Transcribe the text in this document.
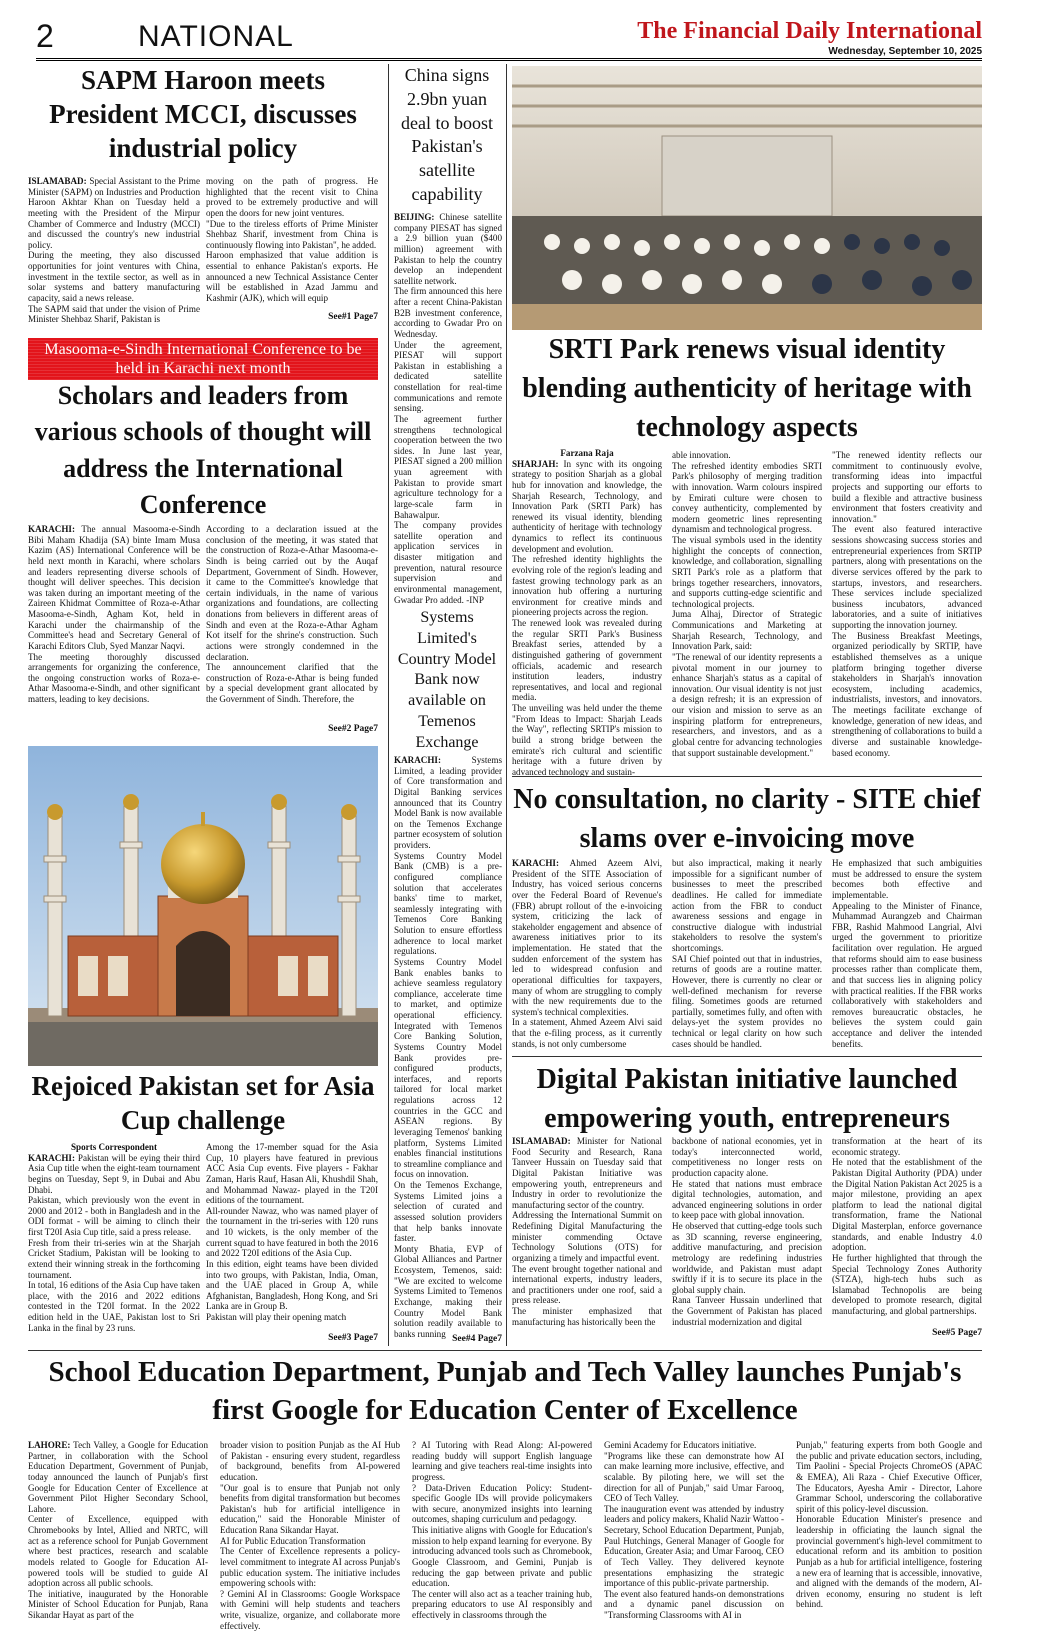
2	NATIONAL	The Financial Daily International
Wednesday, September 10, 2025
SAPM Haroon meets President MCCI, discusses industrial policy
ISLAMABAD: Special Assistant to the Prime Minister (SAPM) on Industries and Production Haroon Akhtar Khan on Tuesday held a meeting with the President of the Mirpur Chamber of Commerce and Industry (MCCI) and discussed the country's new industrial policy.
During the meeting, they also discussed opportunities for joint ventures with China, investment in the textile sector, as well as in solar systems and battery manufacturing capacity, said a news release.
The SAPM said that under the vision of Prime Minister Shehbaz Sharif, Pakistan is
moving on the path of progress. He highlighted that the recent visit to China proved to be extremely productive and will open the doors for new joint ventures.
"Due to the tireless efforts of Prime Minister Shehbaz Sharif, investment from China is continuously flowing into Pakistan", he added.
Haroon emphasized that value addition is essential to enhance Pakistan's exports. He announced a new Technical Assistance Center will be established in Azad Jammu and Kashmir (AJK), which will equip
See#1 Page7
Masooma-e-Sindh International Conference to be held in Karachi next month
Scholars and leaders from various schools of thought will address the International Conference
KARACHI: The annual Masooma-e-Sindh Bibi Maham Khadija (SA) binte Imam Musa Kazim (AS) International Conference will be held next month in Karachi, where scholars and leaders representing diverse schools of thought will deliver speeches. This decision was taken during an important meeting of the Zaireen Khidmat Committee of Roza-e-Athar Masooma-e-Sindh, Agham Kot, held in Karachi under the chairmanship of the Committee's head and Secretary General of Karachi Editors Club, Syed Manzar Naqvi.
The meeting thoroughly discussed arrangements for organizing the conference, the ongoing construction works of Roza-e-Athar Masooma-e-Sindh, and other significant matters, leading to key decisions.
According to a declaration issued at the conclusion of the meeting, it was stated that the construction of Roza-e-Athar Masooma-e-Sindh is being carried out by the Auqaf Department, Government of Sindh. However, it came to the Committee's knowledge that certain individuals, in the name of various organizations and foundations, are collecting donations from believers in different areas of Sindh and even at the Roza-e-Athar Agham Kot itself for the shrine's construction. Such actions were strongly condemned in the declaration.
The announcement clarified that the construction of Roza-e-Athar is being funded by a special development grant allocated by the Government of Sindh. Therefore, the
See#2 Page7
Rejoiced Pakistan set for Asia Cup challenge
Sports Correspondent
KARACHI: Pakistan will be eying their third Asia Cup title when the eight-team tournament begins on Tuesday, Sept 9, in Dubai and Abu Dhabi.
Pakistan, which previously won the event in 2000 and 2012 - both in Bangladesh and in the ODI format - will be aiming to clinch their first T20I Asia Cup title, said a press release.
Fresh from their tri-series win at the Sharjah Cricket Stadium, Pakistan will be looking to extend their winning streak in the forthcoming tournament.
In total, 16 editions of the Asia Cup have taken place, with the 2016 and 2022 editions contested in the T20I format. In the 2022 edition held in the UAE, Pakistan lost to Sri Lanka in the final by 23 runs.
Among the 17-member squad for the Asia Cup, 10 players have featured in previous ACC Asia Cup events. Five players - Fakhar Zaman, Haris Rauf, Hasan Ali, Khushdil Shah, and Mohammad Nawaz- played in the T20I editions of the tournament.
All-rounder Nawaz, who was named player of the tournament in the tri-series with 120 runs and 10 wickets, is the only member of the current squad to have featured in both the 2016 and 2022 T20I editions of the Asia Cup.
In this edition, eight teams have been divided into two groups, with Pakistan, India, Oman, and the UAE placed in Group A, while Afghanistan, Bangladesh, Hong Kong, and Sri Lanka are in Group B.
Pakistan will play their opening match
See#3 Page7
China signs 2.9bn yuan deal to boost Pakistan's satellite capability
BEIJING: Chinese satellite company PIESAT has signed a 2.9 billion yuan ($400 million) agreement with Pakistan to help the country develop an independent satellite network.
The firm announced this here after a recent China-Pakistan B2B investment conference, according to Gwadar Pro on Wednesday.
Under the agreement, PIESAT will support Pakistan in establishing a dedicated satellite constellation for real-time communications and remote sensing.
The agreement further strengthens technological cooperation between the two sides. In June last year, PIESAT signed a 200 million yuan agreement with Pakistan to provide smart agriculture technology for a large-scale farm in Bahawalpur.
The company provides satellite operation and application services in disaster mitigation and prevention, natural resource supervision and environmental management, Gwadar Pro added. -INP
Systems Limited's Country Model Bank now available on Temenos Exchange
KARACHI:	Systems Limited, a leading provider of Core transformation and Digital Banking services announced that its Country Model Bank is now available on the Temenos Exchange partner ecosystem of solution providers.
Systems Country Model Bank (CMB) is a pre-configured compliance solution that accelerates banks' time to market, seamlessly integrating with Temenos Core Banking Solution to ensure effortless adherence to local market regulations.
Systems Country Model Bank enables banks to achieve seamless regulatory compliance, accelerate time to market, and optimize operational efficiency. Integrated with Temenos Core Banking Solution, Systems Country Model Bank provides pre-configured products, interfaces, and reports tailored for local market regulations across 12 countries in the GCC and ASEAN regions. By leveraging Temenos' banking platform, Systems Limited enables financial institutions to streamline compliance and focus on innovation.
On the Temenos Exchange, Systems Limited joins a selection of curated and assessed solution providers that help banks innovate faster.
Monty Bhatia, EVP of Global Alliances and Partner Ecosystem, Temenos, said: "We are excited to welcome Systems Limited to Temenos Exchange, making their Country Model Bank solution readily available to banks running
See#4 Page7
SRTI Park renews visual identity blending authenticity of heritage with technology aspects
Farzana Raja
SHARJAH: In sync with its ongoing strategy to position Sharjah as a global hub for innovation and knowledge, the Sharjah Research, Technology, and Innovation Park (SRTI Park) has renewed its visual identity, blending authenticity of heritage with technology dynamics to reflect its continuous development and evolution.
The refreshed identity highlights the evolving role of the region's leading and fastest growing technology park as an innovation hub offering a nurturing environment for creative minds and pioneering projects across the region.
The renewed look was revealed during the regular SRTI Park's Business Breakfast series, attended by a distinguished gathering of government officials, academic and research institution leaders, industry representatives, and local and regional media.
The unveiling was held under the theme "From Ideas to Impact: Sharjah Leads the Way", reflecting SRTIP's mission to build a strong bridge between the emirate's rich cultural and scientific heritage with a future driven by advanced technology and sustain-
able innovation.
The refreshed identity embodies SRTI Park's philosophy of merging tradition with innovation. Warm colours inspired by Emirati culture were chosen to convey authenticity, complemented by modern geometric lines representing dynamism and technological progress.
The visual symbols used in the identity highlight the concepts of connection, knowledge, and collaboration, signalling SRTI Park's role as a platform that brings together researchers, innovators, and supports cutting-edge scientific and technological projects.
Juma Alhaj, Director of Strategic Communications and Marketing at Sharjah Research, Technology, and Innovation Park, said:
"The renewal of our identity represents a pivotal moment in our journey to enhance Sharjah's status as a capital of innovation. Our visual identity is not just a design refresh; it is an expression of our vision and mission to serve as an inspiring platform for entrepreneurs, researchers, and investors, and as a global centre for advancing technologies that support sustainable development."
"The renewed identity reflects our commitment to continuously evolve, transforming ideas into impactful projects and supporting our efforts to build a flexible and attractive business environment that fosters creativity and innovation."
The event also featured interactive sessions showcasing success stories and entrepreneurial experiences from SRTIP partners, along with presentations on the diverse services offered by the park to startups, investors, and researchers. These services include specialized business incubators, advanced laboratories, and a suite of initiatives supporting the innovation journey.
The Business Breakfast Meetings, organized periodically by SRTIP, have established themselves as a unique platform bringing together diverse stakeholders in Sharjah's innovation ecosystem, including academics, industrialists, investors, and innovators. The meetings facilitate exchange of knowledge, generation of new ideas, and strengthening of collaborations to build a diverse and sustainable knowledge-based economy.
No consultation, no clarity - SITE chief slams over e-invoicing move
KARACHI: Ahmed Azeem Alvi, President of the SITE Association of Industry, has voiced serious concerns over the Federal Board of Revenue's (FBR) abrupt rollout of the e-invoicing system, criticizing the lack of stakeholder engagement and absence of awareness initiatives prior to its implementation. He stated that the sudden enforcement of the system has led to widespread confusion and operational difficulties for taxpayers, many of whom are struggling to comply with the new requirements due to the system's technical complexities.
In a statement, Ahmed Azeem Alvi said that the e-filing process, as it currently stands, is not only cumbersome
but also impractical, making it nearly impossible for a significant number of businesses to meet the prescribed deadlines. He called for immediate action from the FBR to conduct awareness sessions and engage in constructive dialogue with industrial stakeholders to resolve the system's shortcomings.
SAI Chief pointed out that in industries, returns of goods are a routine matter. However, there is currently no clear or well-defined mechanism for reverse filing. Sometimes goods are returned partially, sometimes fully, and often with delays-yet the system provides no technical or legal clarity on how such cases should be handled.
He emphasized that such ambiguities must be addressed to ensure the system becomes both effective and implementable.
Appealing to the Minister of Finance, Muhammad Aurangzeb and Chairman FBR, Rashid Mahmood Langrial, Alvi urged the government to prioritize facilitation over regulation. He argued that reforms should aim to ease business processes rather than complicate them, and that success lies in aligning policy with practical realities. If the FBR works collaboratively with stakeholders and removes bureaucratic obstacles, he believes the system could gain acceptance and deliver the intended benefits.
Digital Pakistan initiative launched empowering youth, entrepreneurs
ISLAMABAD: Minister for National Food Security and Research, Rana Tanveer Hussain on Tuesday said that Digital Pakistan Initiative was empowering youth, entrepreneurs and Industry in order to revolutionize the manufacturing sector of the country.
Addressing the International Summit on Redefining Digital Manufacturing the minister commending Octave Technology Solutions (OTS) for organizing a timely and impactful event.
The event brought together national and international experts, industry leaders, and practitioners under one roof, said a press release.
The minister emphasized that manufacturing has historically been the
backbone of national economies, yet in today's interconnected world, competitiveness no longer rests on production capacity alone.
He stated that nations must embrace digital technologies, automation, and advanced engineering solutions in order to keep pace with global innovation.
He observed that cutting-edge tools such as 3D scanning, reverse engineering, additive manufacturing, and precision metrology are redefining industries worldwide, and Pakistan must adapt swiftly if it is to secure its place in the global supply chain.
Rana Tanveer Hussain underlined that the Government of Pakistan has placed industrial modernization and digital
transformation at the heart of its economic strategy.
He noted that the establishment of the Pakistan Digital Authority (PDA) under the Digital Nation Pakistan Act 2025 is a major milestone, providing an apex platform to lead the national digital transformation, frame the National Digital Masterplan, enforce governance standards, and enable Industry 4.0 adoption.
He further highlighted that through the Special Technology Zones Authority (STZA), high-tech hubs such as Islamabad Technopolis are being developed to promote research, digital manufacturing, and global partnerships.
See#5 Page7
School Education Department, Punjab and Tech Valley launches Punjab's first Google for Education Center of Excellence
LAHORE: Tech Valley, a Google for Education Partner, in collaboration with the School Education Department, Government of Punjab, today announced the launch of Punjab's first Google for Education Center of Excellence at Government Pilot Higher Secondary School, Lahore.
Center of Excellence, equipped with Chromebooks by Intel, Allied and NRTC, will act as a reference school for Punjab Government where best practices, research and scalable models related to Google for Education AI-powered tools will be studied to guide AI adoption across all public schools.
The initiative, inaugurated by the Honorable Minister of School Education for Punjab, Rana Sikandar Hayat as part of the
broader vision to position Punjab as the AI Hub of Pakistan - ensuring every student, regardless of background, benefits from AI-powered education.
"Our goal is to ensure that Punjab not only benefits from digital transformation but becomes Pakistan's hub for artificial intelligence in education," said the Honorable Minister of Education Rana Sikandar Hayat.
AI for Public Education Transformation
The Center of Excellence represents a policy-level commitment to integrate AI across Punjab's public education system. The initiative includes empowering schools with:
? Gemini AI in Classrooms: Google Workspace with Gemini will help students and teachers write, visualize, organize, and collaborate more effectively.
? AI Tutoring with Read Along: AI-powered reading buddy will support English language learning and give teachers real-time insights into progress.
? Data-Driven Education Policy: Student-specific Google IDs will provide policymakers with secure, anonymized insights into learning outcomes, shaping curriculum and pedagogy.
This initiative aligns with Google for Education's mission to help expand learning for everyone. By introducing advanced tools such as Chromebook, Google Classroom, and Gemini, Punjab is reducing the gap between private and public education.
The center will also act as a teacher training hub, preparing educators to use AI responsibly and effectively in classrooms through the
Gemini Academy for Educators initiative.
"Programs like these can demonstrate how AI can make learning more inclusive, effective, and scalable. By piloting here, we will set the direction for all of Punjab," said Umar Farooq, CEO of Tech Valley.
The inauguration event was attended by industry leaders and policy makers, Khalid Nazir Wattoo - Secretary, School Education Department, Punjab, Paul Hutchings, General Manager of Google for Education, Greater Asia; and Umar Farooq, CEO of Tech Valley. They delivered keynote presentations emphasizing the strategic importance of this public-private partnership.
The event also featured hands-on demonstrations and a dynamic panel discussion on "Transforming Classrooms with AI in
Punjab," featuring experts from both Google and the public and private education sectors, including, Tim Paolini - Special Projects ChromeOS (APAC & EMEA), Ali Raza - Chief Executive Officer, The Educators, Ayesha Amir - Director, Lahore Grammar School, underscoring the collaborative spirit of this policy-level discussion.
Honorable Education Minister's presence and leadership in officiating the launch signal the provincial government's high-level commitment to educational reform and its ambition to position Punjab as a hub for artificial intelligence, fostering a new era of learning that is accessible, innovative, and aligned with the demands of the modern, AI-driven economy, ensuring no student is left behind.
